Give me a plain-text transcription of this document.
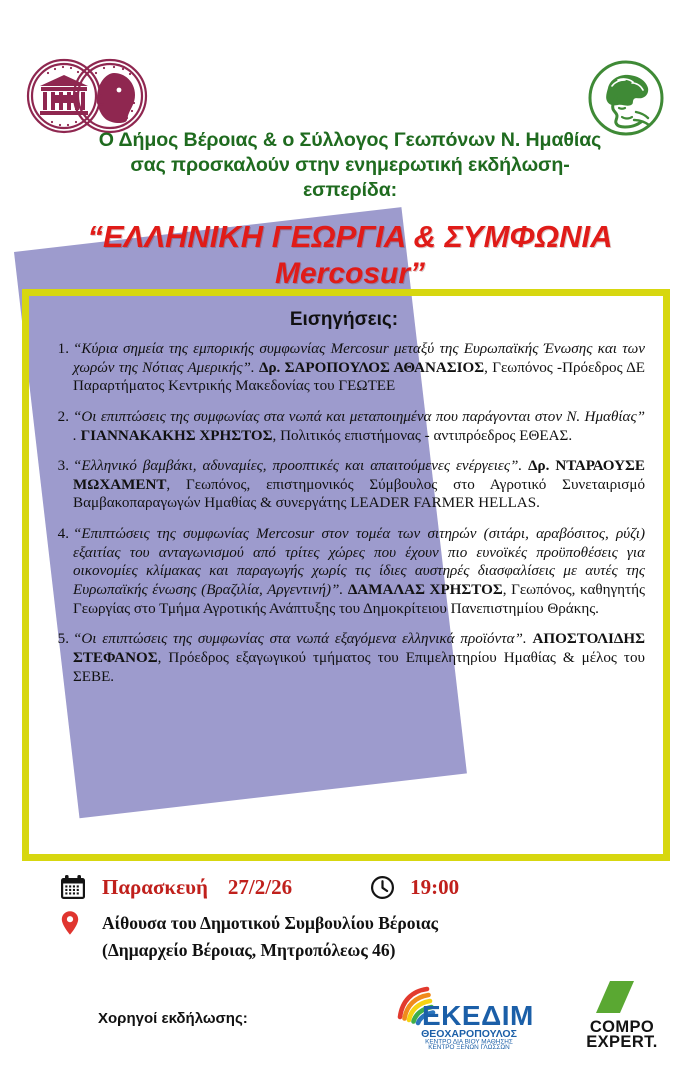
Ο Δήμος Βέροιας & ο Σύλλογος Γεωπόνων Ν. Ημαθίας
σας προσκαλούν στην ενημερωτική εκδήλωση-
εσπερίδα:
“ΕΛΛΗΝΙΚΗ ΓΕΩΡΓΙΑ & ΣΥΜΦΩΝΙΑ
Mercosur”
Εισηγήσεις:
1. “Κύρια σημεία της εμπορικής συμφωνίας Mercosur μεταξύ της Ευρωπαϊκής Ένωσης και των χωρών της Νότιας Αμερικής”. Δρ. ΣΑΡΟΠΟΥΛΟΣ ΑΘΑΝΑΣΙΟΣ, Γεωπόνος -Πρόεδρος ΔΕ Παραρτήματος Κεντρικής Μακεδονίας του ΓΕΩΤΕΕ
2. “Οι επιπτώσεις της συμφωνίας στα νωπά και μεταποιημένα που παράγονται στον Ν. Ημαθίας” . ΓΙΑΝΝΑΚΑΚΗΣ ΧΡΗΣΤΟΣ, Πολιτικός επιστήμονας - αντιπρόεδρος ΕΘΕΑΣ.
3. “Ελληνικό βαμβάκι, αδυναμίες, προοπτικές και απαιτούμενες ενέργειες”. Δρ. ΝΤΑΡΑΟΥΣΕ ΜΩΧΑΜΕΝΤ, Γεωπόνος, επιστημονικός Σύμβουλος στο Αγροτικό Συνεταιρισμό Βαμβακοπαραγωγών Ημαθίας & συνεργάτης LEADER FARMER HELLAS.
4. “Επιπτώσεις της συμφωνίας Mercosur στον τομέα των σιτηρών (σιτάρι, αραβόσιτος, ρύζι) εξαιτίας του ανταγωνισμού από τρίτες χώρες που έχουν πιο ευνοϊκές προϋποθέσεις για οικονομίες κλίμακας και παραγωγής χωρίς τις ίδιες αυστηρές διασφαλίσεις με αυτές της Ευρωπαϊκής ένωσης (Βραζιλία, Αργεντινή)”. ΔΑΜΑΛΑΣ ΧΡΗΣΤΟΣ, Γεωπόνος, καθηγητής Γεωργίας στο Τμήμα Αγροτικής Ανάπτυξης του Δημοκρίτειου Πανεπιστημίου Θράκης.
5. “Οι επιπτώσεις της συμφωνίας στα νωπά εξαγόμενα ελληνικά προϊόντα”. ΑΠΟΣΤΟΛΙΔΗΣ ΣΤΕΦΑΝΟΣ, Πρόεδρος εξαγωγικού τμήματος του Επιμελητηρίου Ημαθίας & μέλος του ΣΕΒΕ.
Παρασκευή 27/2/26	19:00
Αίθουσα του Δημοτικού Συμβουλίου Βέροιας
(Δημαρχείο Βέροιας, Μητροπόλεως 46)
Χορηγοί εκδήλωσης:	ΕΚΕΔΙΜ
ΘΕΟΧΑΡΟΠΟΥΛΟΣ
ΚΕΝΤΡΟ ΔΙΑ ΒΙΟΥ ΜΑΘΗΣΗΣ
ΚΕΝΤΡΟ ΞΕΝΩΝ ΓΛΩΣΣΩΝ
COMPO
EXPERT.
